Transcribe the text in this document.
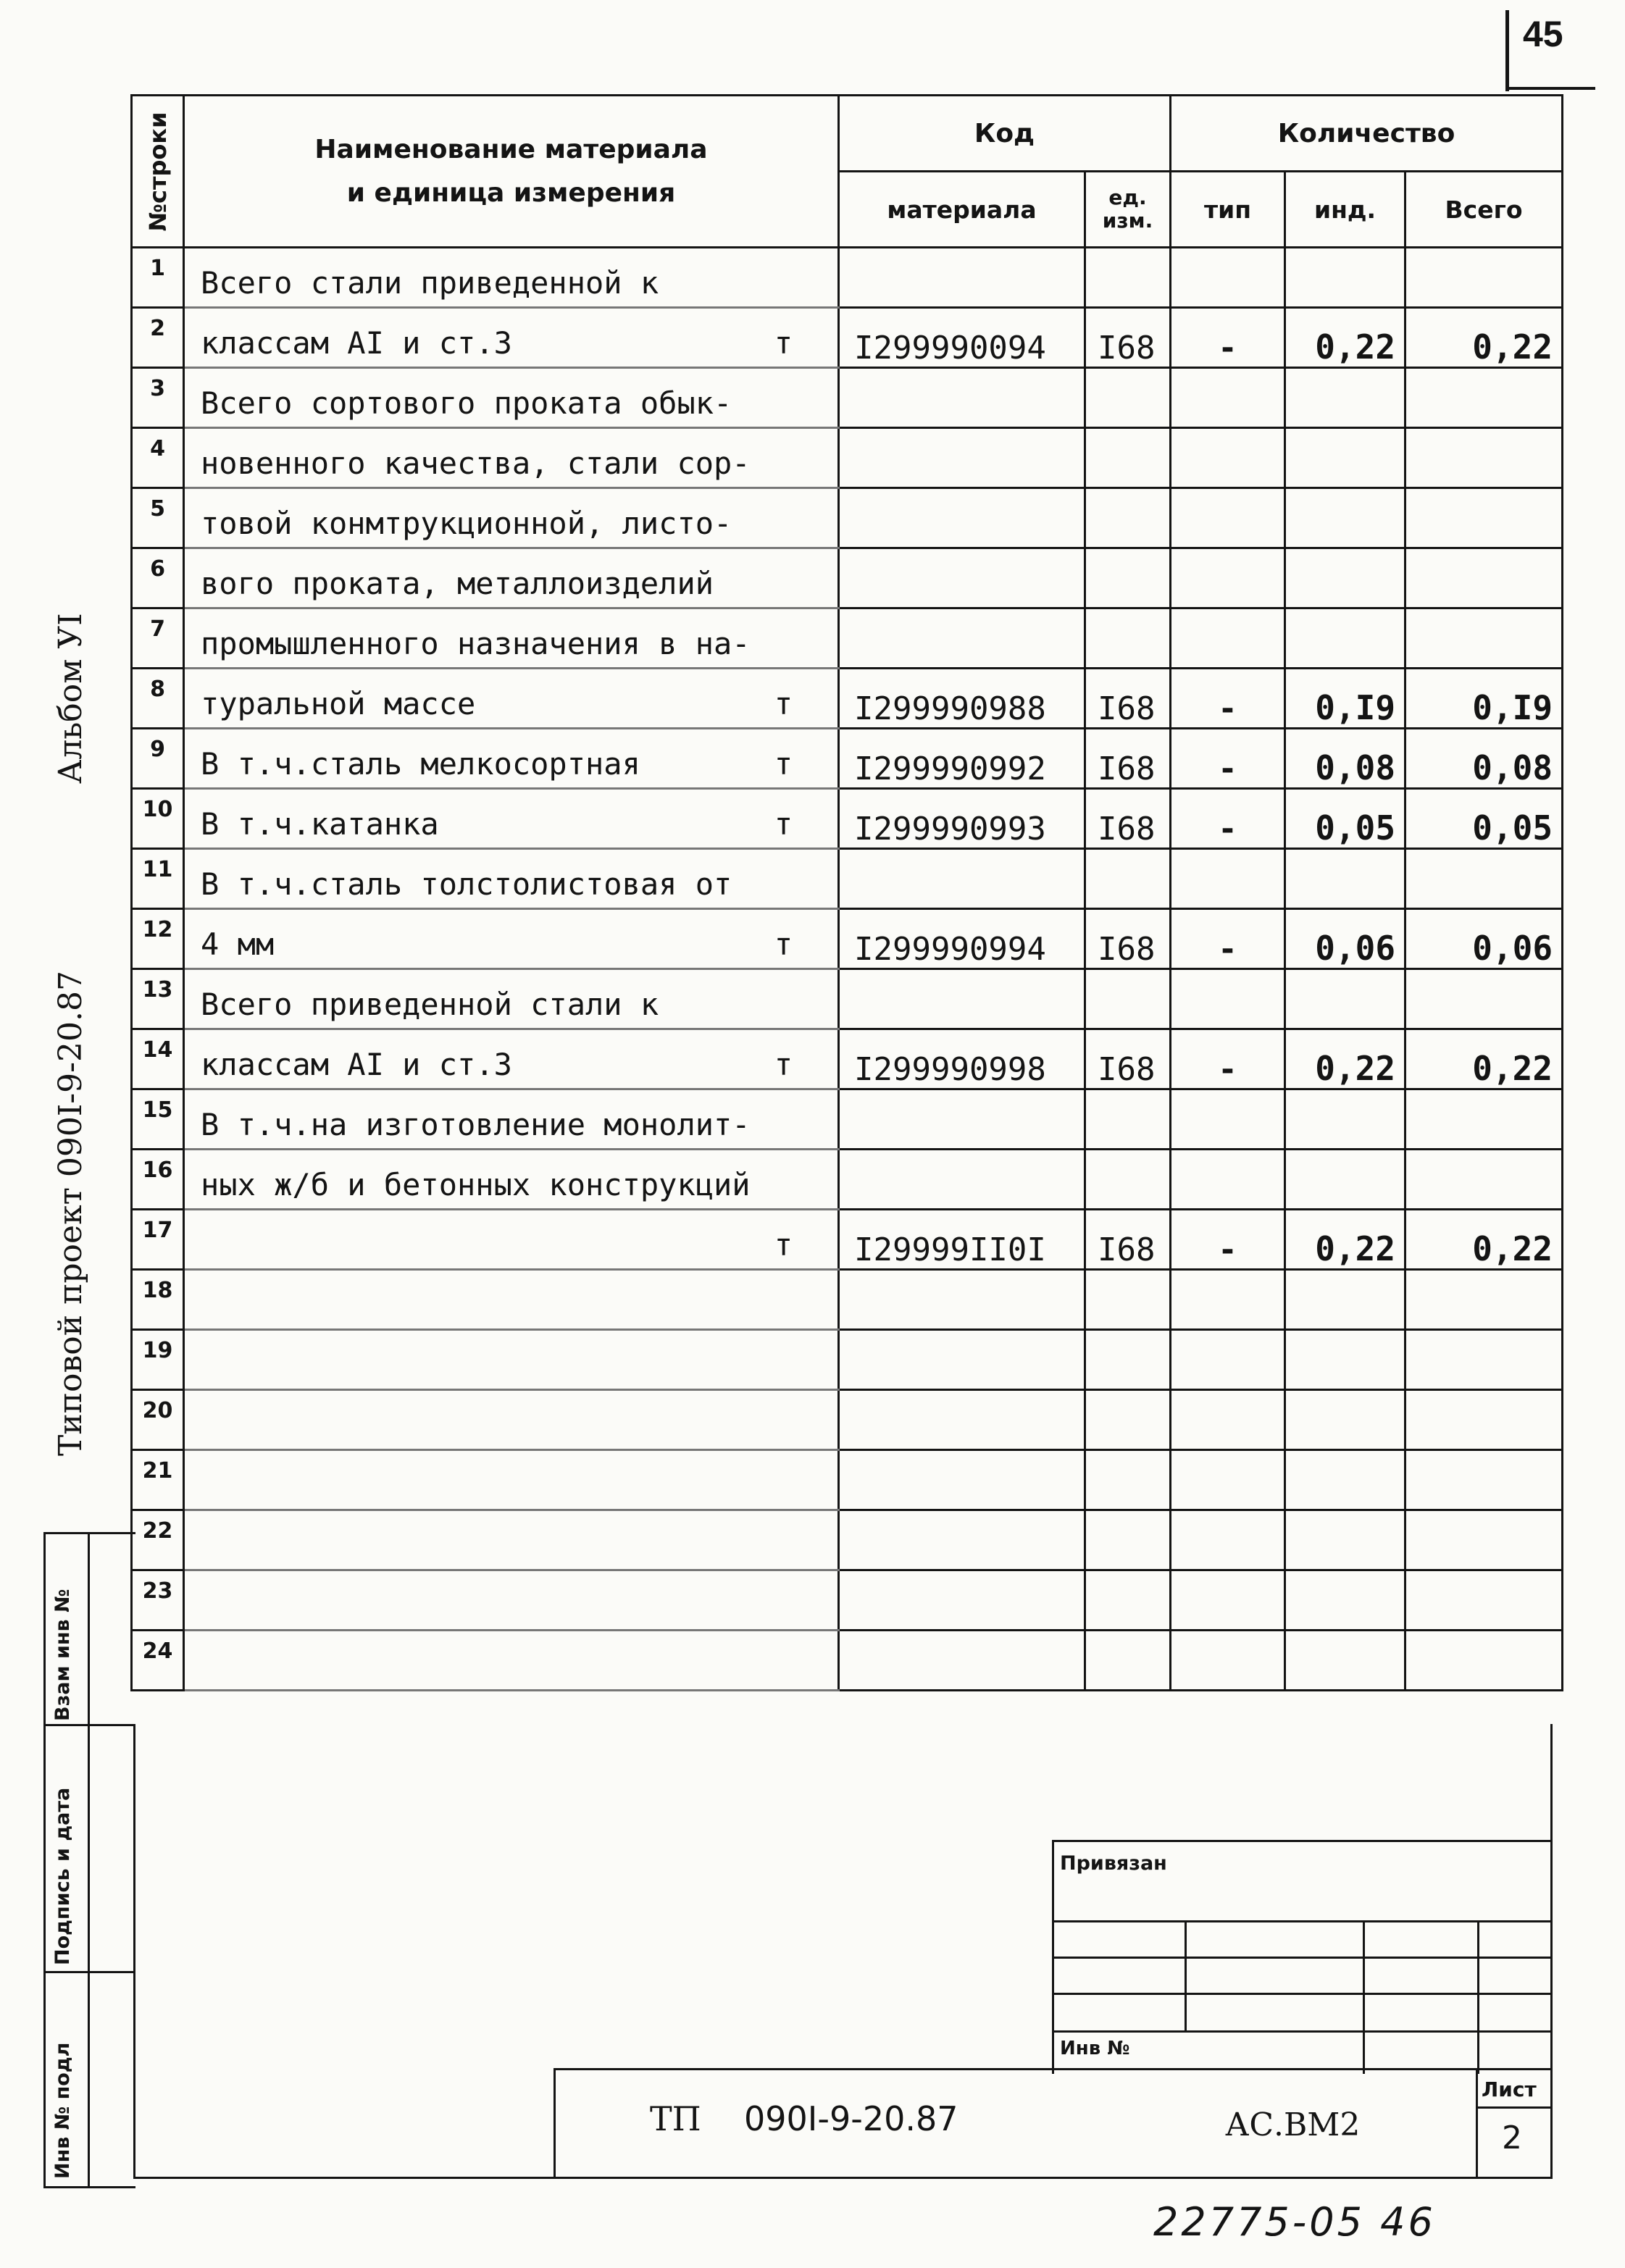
45
Альбом УI
Типовой проект 090I-9-20.87
№строки	Наименование материала
и единица измерения	Код		Количество		
		материала	ед. изм.	тип	инд.	Всего
1	Всего стали приведенной к					

2	классам АI и ст.3 т	I299990094	I68	-	0,22	0,22
3	Всего сортового проката обык-					

4	новенного качества, стали сор-					

5	товой конмтрукционной, листо-					

6	вого проката, металлоизделий					

7	промышленного назначения в на-					

8	туральной массе т	I299990988	I68	-	0,I9	0,I9
9	В т.ч.сталь мелкосортная т	I299990992	I68	-	0,08	0,08
10	В т.ч.катанка т	I299990993	I68	-	0,05	0,05
11	В т.ч.сталь толстолистовая от					

12	4 мм т	I299990994	I68	-	0,06	0,06
13	Всего приведенной стали к					

14	классам АI и ст.3 т	I299990998	I68	-	0,22	0,22
15	В т.ч.на изготовление монолит-					

16	ных ж/б и бетонных конструкций					

17	т	I29999II0I	I68	-	0,22	0,22
18	

19	

20	

21	

22	

23	

24	

Взам инв №
Подпись и дата
Инв № подл
Привязан
Инв №
ТП 090I-9-20.87	АС.ВМ2
Лист
2
22775-05 46
